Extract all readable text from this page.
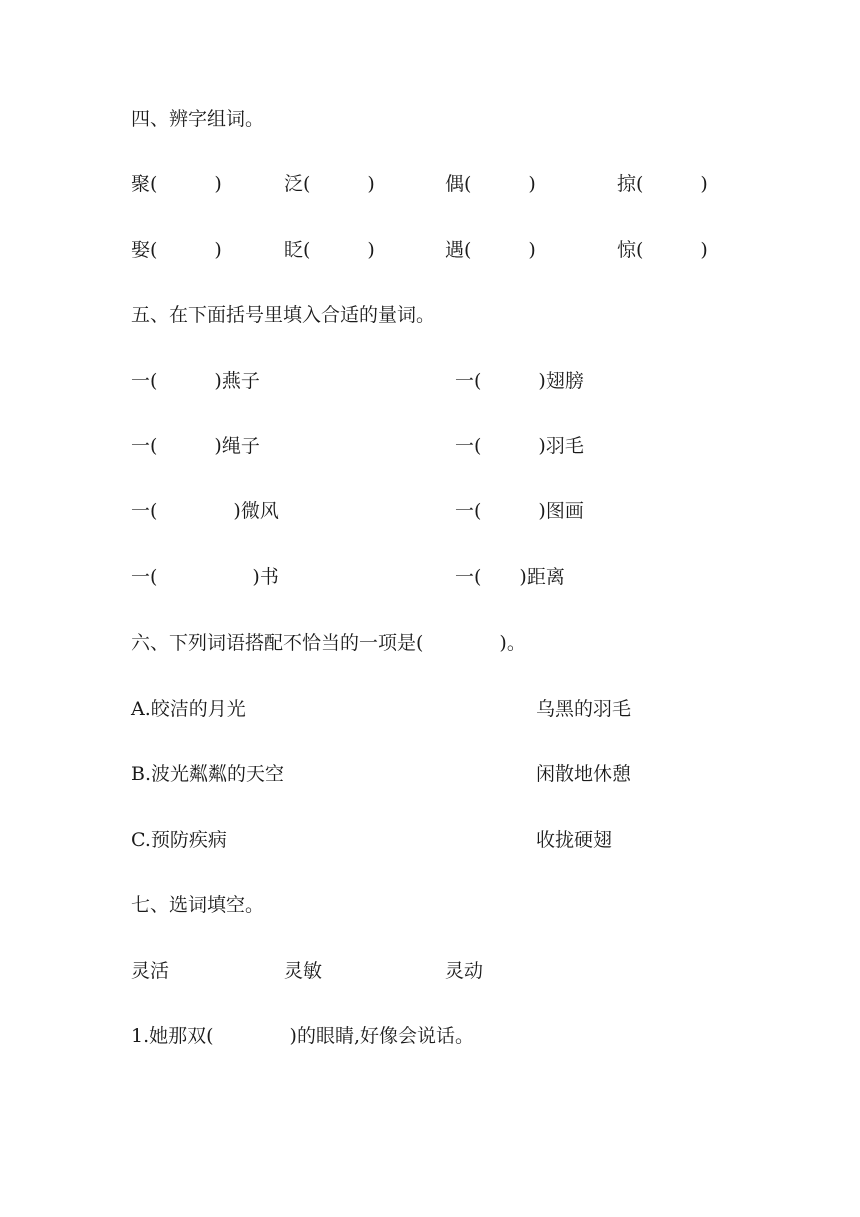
四、辨字组词。
聚(　　　)	泛(　　　)	偶(　　　)	掠(　　　)
娶(　　　)	眨(　　　)	遇(　　　)	惊(　　　)
五、在下面括号里填入合适的量词。
一(　　　)燕子	一(　　　)翅膀
一(　　　)绳子	一(　　　)羽毛
一(　　　　)微风	一(　　　)图画
一(　　　　　)书	一(　　)距离
六、下列词语搭配不恰当的一项是(　　　　)。
A.皎洁的月光	乌黑的羽毛
B.波光粼粼的天空	闲散地休憩
C.预防疾病	收拢硬翅
七、选词填空。
灵活	灵敏	灵动
1.她那双(　　　　)的眼睛,好像会说话。
